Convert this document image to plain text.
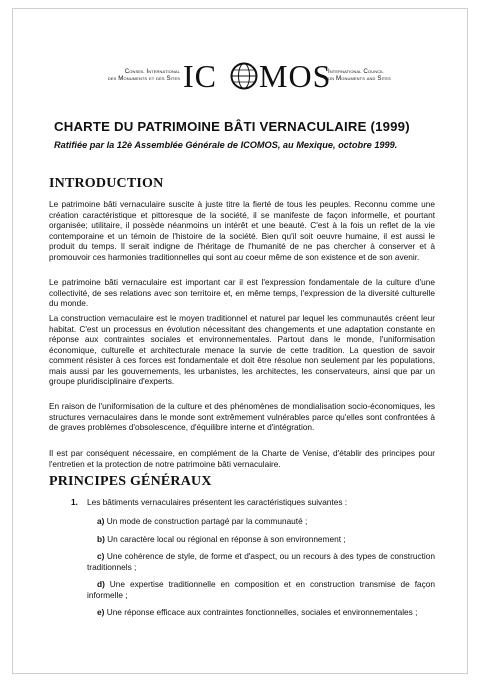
Conseil International
des Monuments et des Sites IC MOS
International Council
on Monuments and Sites
CHARTE DU PATRIMOINE BÂTI VERNACULAIRE (1999)
Ratifiée par la 12è Assemblée Générale de ICOMOS, au Mexique, octobre 1999.
INTRODUCTION

Le patrimoine bâti vernaculaire suscite à juste titre la fierté de tous les peuples. Reconnu comme une création caractéristique et pittoresque de la société, il se manifeste de façon informelle, et pourtant organisée; utilitaire, il possède néanmoins un intérêt et une beauté. C'est à la fois un reflet de la vie contemporaine et un témoin de l'histoire de la société. Bien qu'il soit oeuvre humaine, il est aussi le produit du temps. Il serait indigne de l'héritage de l'humanité de ne pas chercher à conserver et à promouvoir ces harmonies traditionnelles qui sont au coeur même de son existence et de son avenir.

Le patrimoine bâti vernaculaire est important car il est l'expression fondamentale de la culture d'une collectivité, de ses relations avec son territoire et, en même temps, l'expression de la diversité culturelle du monde.

La construction vernaculaire est le moyen traditionnel et naturel par lequel les communautés créent leur habitat. C'est un processus en évolution nécessitant des changements et une adaptation constante en réponse aux contraintes sociales et environnementales. Partout dans le monde, l'uniformisation économique, culturelle et architecturale menace la survie de cette tradition. La question de savoir comment résister à ces forces est fondamentale et doit être résolue non seulement par les populations, mais aussi par les gouvernements, les urbanistes, les architectes, les conservateurs, ainsi que par un groupe pluridisciplinaire d'experts.

En raison de l'uniformisation de la culture et des phénomènes de mondialisation socio-économiques, les structures vernaculaires dans le monde sont extrêmement vulnérables parce qu'elles sont confrontées à de graves problèmes d'obsolescence, d'équilibre interne et d'intégration.

Il est par conséquent nécessaire, en complément de la Charte de Venise, d'établir des principes pour l'entretien et la protection de notre patrimoine bâti vernaculaire.

PRINCIPES GÉNÉRAUX
1. Les bâtiments vernaculaires présentent les caractéristiques suivantes :

a) Un mode de construction partagé par la communauté ;

b) Un caractère local ou régional en réponse à son environnement ;

c) Une cohérence de style, de forme et d'aspect, ou un recours à des types de construction traditionnels ;

d) Une expertise traditionnelle en composition et en construction transmise de façon informelle ;

e) Une réponse efficace aux contraintes fonctionnelles, sociales et environnementales ;
